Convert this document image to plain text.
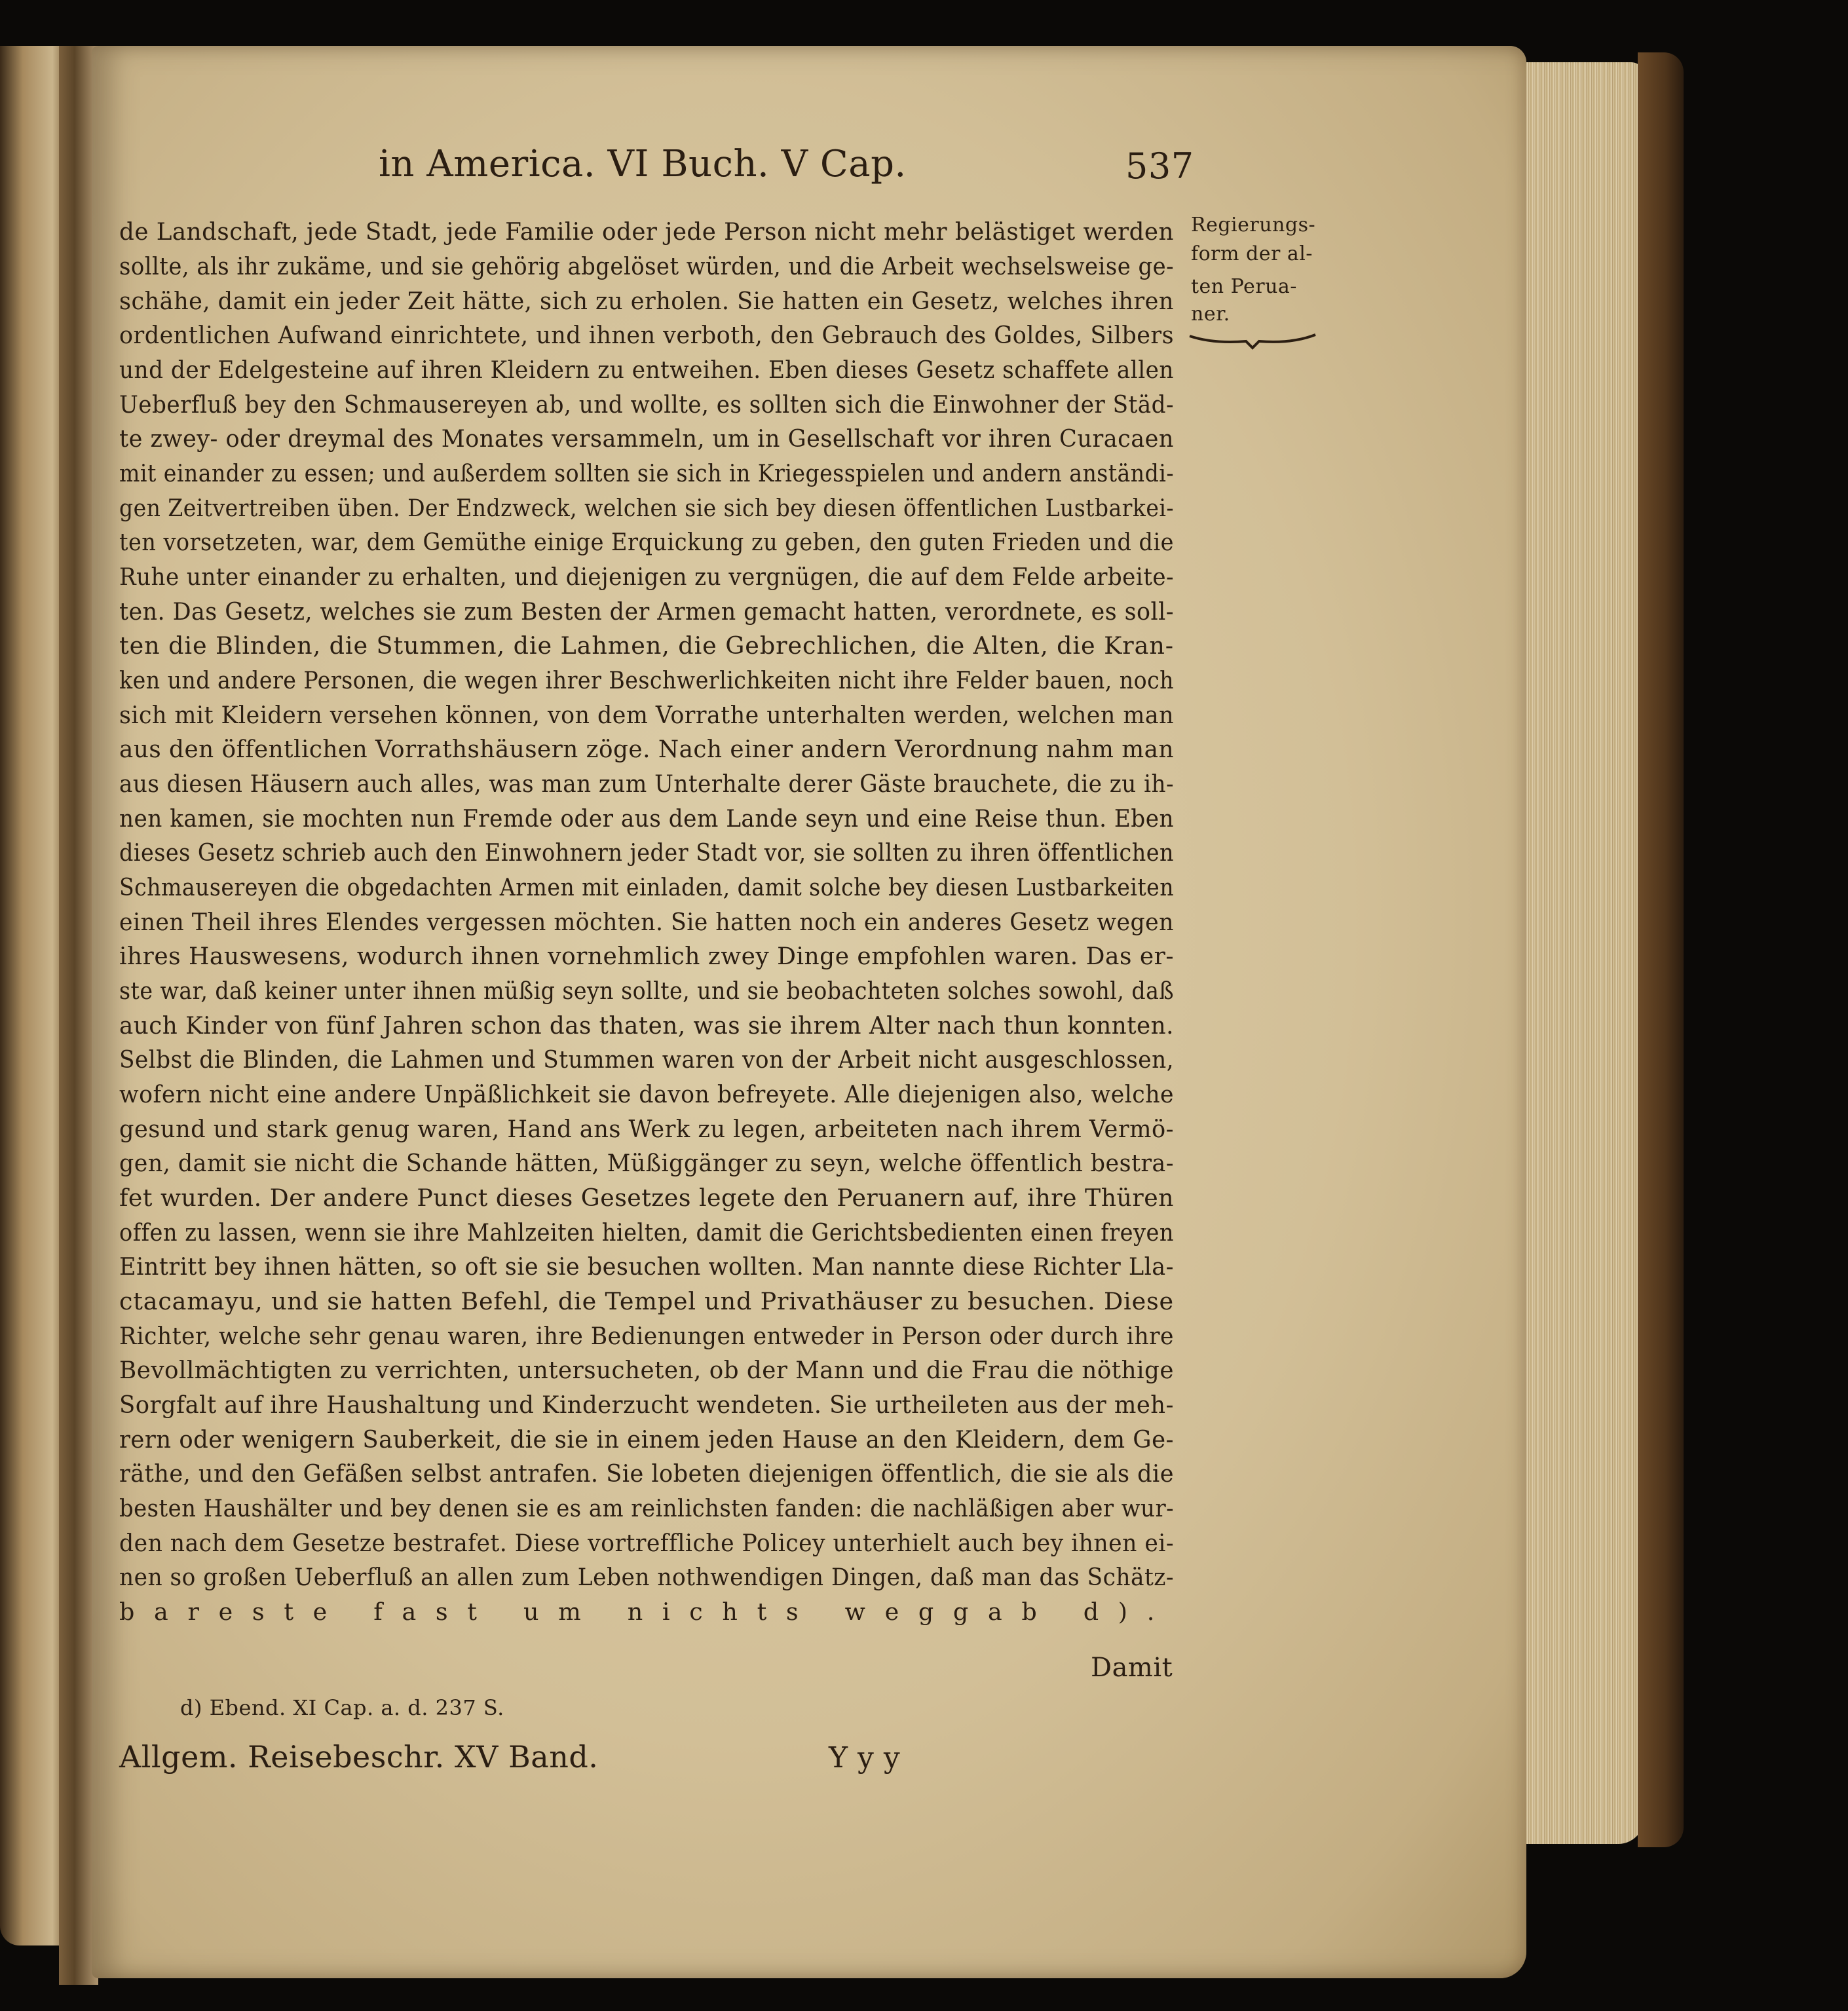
in America. VI Buch. V Cap.	537
Regierungs-
form der al-
ten Perua-
ner.
de Landschaft, jede Stadt, jede Familie oder jede Person nicht mehr belästiget werden
sollte, als ihr zukäme, und sie gehörig abgelöset würden, und die Arbeit wechselsweise ge-
schähe, damit ein jeder Zeit hätte, sich zu erholen. Sie hatten ein Gesetz, welches ihren
ordentlichen Aufwand einrichtete, und ihnen verboth, den Gebrauch des Goldes, Silbers
und der Edelgesteine auf ihren Kleidern zu entweihen. Eben dieses Gesetz schaffete allen
Ueberfluß bey den Schmausereyen ab, und wollte, es sollten sich die Einwohner der Städ-
te zwey- oder dreymal des Monates versammeln, um in Gesellschaft vor ihren Curacaen
mit einander zu essen; und außerdem sollten sie sich in Kriegesspielen und andern anständi-
gen Zeitvertreiben üben. Der Endzweck, welchen sie sich bey diesen öffentlichen Lustbarkei-
ten vorsetzeten, war, dem Gemüthe einige Erquickung zu geben, den guten Frieden und die
Ruhe unter einander zu erhalten, und diejenigen zu vergnügen, die auf dem Felde arbeite-
ten. Das Gesetz, welches sie zum Besten der Armen gemacht hatten, verordnete, es soll-
ten die Blinden, die Stummen, die Lahmen, die Gebrechlichen, die Alten, die Kran-
ken und andere Personen, die wegen ihrer Beschwerlichkeiten nicht ihre Felder bauen, noch
sich mit Kleidern versehen können, von dem Vorrathe unterhalten werden, welchen man
aus den öffentlichen Vorrathshäusern zöge. Nach einer andern Verordnung nahm man
aus diesen Häusern auch alles, was man zum Unterhalte derer Gäste brauchete, die zu ih-
nen kamen, sie mochten nun Fremde oder aus dem Lande seyn und eine Reise thun. Eben
dieses Gesetz schrieb auch den Einwohnern jeder Stadt vor, sie sollten zu ihren öffentlichen
Schmausereyen die obgedachten Armen mit einladen, damit solche bey diesen Lustbarkeiten
einen Theil ihres Elendes vergessen möchten. Sie hatten noch ein anderes Gesetz wegen
ihres Hauswesens, wodurch ihnen vornehmlich zwey Dinge empfohlen waren. Das er-
ste war, daß keiner unter ihnen müßig seyn sollte, und sie beobachteten solches sowohl, daß
auch Kinder von fünf Jahren schon das thaten, was sie ihrem Alter nach thun konnten.
Selbst die Blinden, die Lahmen und Stummen waren von der Arbeit nicht ausgeschlossen,
wofern nicht eine andere Unpäßlichkeit sie davon befreyete. Alle diejenigen also, welche
gesund und stark genug waren, Hand ans Werk zu legen, arbeiteten nach ihrem Vermö-
gen, damit sie nicht die Schande hätten, Müßiggänger zu seyn, welche öffentlich bestra-
fet wurden. Der andere Punct dieses Gesetzes legete den Peruanern auf, ihre Thüren
offen zu lassen, wenn sie ihre Mahlzeiten hielten, damit die Gerichtsbedienten einen freyen
Eintritt bey ihnen hätten, so oft sie sie besuchen wollten. Man nannte diese Richter Lla-
ctacamayu, und sie hatten Befehl, die Tempel und Privathäuser zu besuchen. Diese
Richter, welche sehr genau waren, ihre Bedienungen entweder in Person oder durch ihre
Bevollmächtigten zu verrichten, untersucheten, ob der Mann und die Frau die nöthige
Sorgfalt auf ihre Haushaltung und Kinderzucht wendeten. Sie urtheileten aus der meh-
rern oder wenigern Sauberkeit, die sie in einem jeden Hause an den Kleidern, dem Ge-
räthe, und den Gefäßen selbst antrafen. Sie lobeten diejenigen öffentlich, die sie als die
besten Haushälter und bey denen sie es am reinlichsten fanden: die nachläßigen aber wur-
den nach dem Gesetze bestrafet. Diese vortreffliche Policey unterhielt auch bey ihnen ei-
nen so großen Ueberfluß an allen zum Leben nothwendigen Dingen, daß man das Schätz-
bareste fast um nichts weggab d).
Damit
d) Ebend. XI Cap. a. d. 237 S.
Allgem. Reisebeschr. XV Band.	Y y y
